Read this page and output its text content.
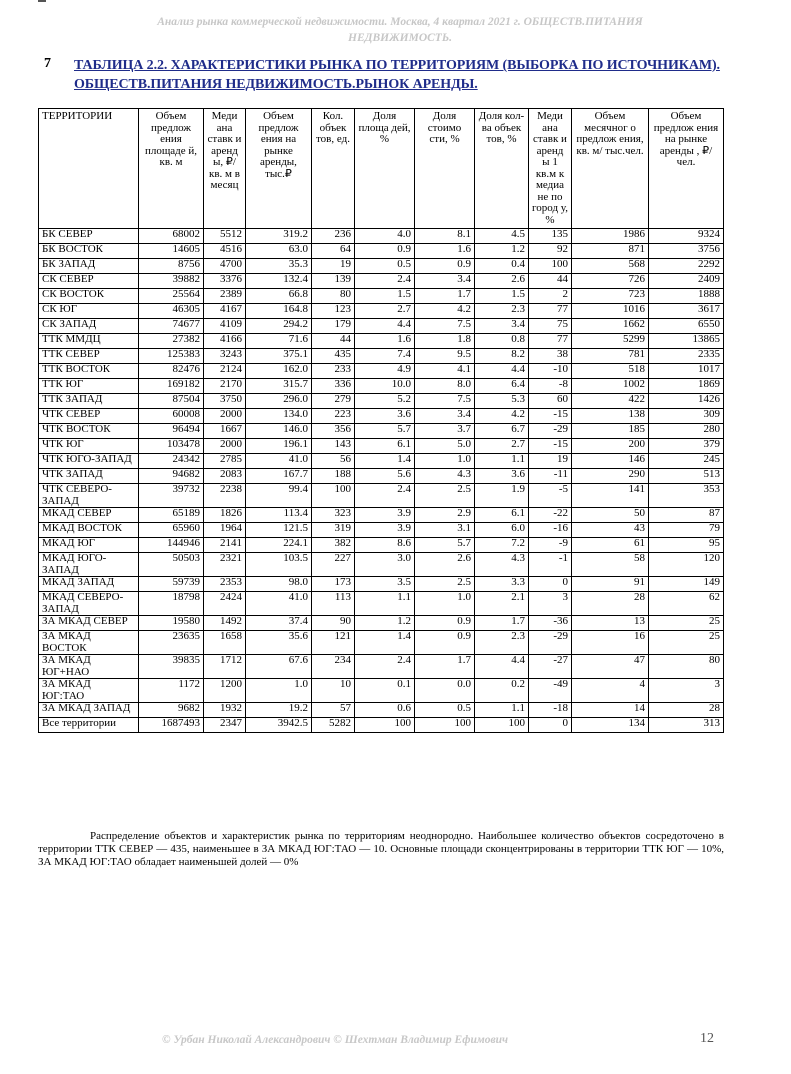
Анализ рынка коммерческой недвижимости. Москва, 4 квартал 2021 г. ОБЩЕСТВ.ПИТАНИЯ
НЕДВИЖИМОСТЬ.
7 ТАБЛИЦА 2.2. ХАРАКТЕРИСТИКИ РЫНКА ПО ТЕРРИТОРИЯМ (ВЫБОРКА ПО ИСТОЧНИКАМ). ОБЩЕСТВ.ПИТАНИЯ НЕДВИЖИМОСТЬ.РЫНОК АРЕНДЫ.
ТЕРРИТОРИИ	Объем предлож ения площаде й, кв. м	Меди ана ставк и аренд ы, ₽/кв. м в месяц	Объем предлож ения на рынке аренды, тыс.₽	Кол. объек тов, ед.	Доля площа дей, %	Доля стоимо сти, %	Доля кол-ва объек тов, %	Меди ана ставк и аренд ы 1 кв.м к медиа не по город у, %	Объем месячног о предлож ения, кв. м/ тыс.чел.	Объем предлож ения на рынке аренды , ₽/чел.
БК СЕВЕР	68002	5512	319.2	236	4.0	8.1	4.5	135	1986	9324
БК ВОСТОК	14605	4516	63.0	64	0.9	1.6	1.2	92	871	3756
БК ЗАПАД	8756	4700	35.3	19	0.5	0.9	0.4	100	568	2292
СК СЕВЕР	39882	3376	132.4	139	2.4	3.4	2.6	44	726	2409
СК ВОСТОК	25564	2389	66.8	80	1.5	1.7	1.5	2	723	1888
СК ЮГ	46305	4167	164.8	123	2.7	4.2	2.3	77	1016	3617
СК ЗАПАД	74677	4109	294.2	179	4.4	7.5	3.4	75	1662	6550
ТТК ММДЦ	27382	4166	71.6	44	1.6	1.8	0.8	77	5299	13865
ТТК СЕВЕР	125383	3243	375.1	435	7.4	9.5	8.2	38	781	2335
ТТК ВОСТОК	82476	2124	162.0	233	4.9	4.1	4.4	-10	518	1017
ТТК ЮГ	169182	2170	315.7	336	10.0	8.0	6.4	-8	1002	1869
ТТК ЗАПАД	87504	3750	296.0	279	5.2	7.5	5.3	60	422	1426
ЧТК СЕВЕР	60008	2000	134.0	223	3.6	3.4	4.2	-15	138	309
ЧТК ВОСТОК	96494	1667	146.0	356	5.7	3.7	6.7	-29	185	280
ЧТК ЮГ	103478	2000	196.1	143	6.1	5.0	2.7	-15	200	379
ЧТК ЮГО-ЗАПАД	24342	2785	41.0	56	1.4	1.0	1.1	19	146	245
ЧТК ЗАПАД	94682	2083	167.7	188	5.6	4.3	3.6	-11	290	513
ЧТК СЕВЕРО-ЗАПАД	39732	2238	99.4	100	2.4	2.5	1.9	-5	141	353
МКАД СЕВЕР	65189	1826	113.4	323	3.9	2.9	6.1	-22	50	87
МКАД ВОСТОК	65960	1964	121.5	319	3.9	3.1	6.0	-16	43	79
МКАД ЮГ	144946	2141	224.1	382	8.6	5.7	7.2	-9	61	95
МКАД ЮГО-ЗАПАД	50503	2321	103.5	227	3.0	2.6	4.3	-1	58	120
МКАД ЗАПАД	59739	2353	98.0	173	3.5	2.5	3.3	0	91	149
МКАД СЕВЕРО-ЗАПАД	18798	2424	41.0	113	1.1	1.0	2.1	3	28	62
ЗА МКАД СЕВЕР	19580	1492	37.4	90	1.2	0.9	1.7	-36	13	25
ЗА МКАД ВОСТОК	23635	1658	35.6	121	1.4	0.9	2.3	-29	16	25
ЗА МКАД ЮГ+НАО	39835	1712	67.6	234	2.4	1.7	4.4	-27	47	80
ЗА МКАД ЮГ:ТАО	1172	1200	1.0	10	0.1	0.0	0.2	-49	4	3
ЗА МКАД ЗАПАД	9682	1932	19.2	57	0.6	0.5	1.1	-18	14	28
Все территории	1687493	2347	3942.5	5282	100	100	100	0	134	313
Распределение объектов и характеристик рынка по территориям неоднородно. Наибольшее количество объектов сосредоточено в территории ТТК СЕВЕР — 435, наименьшее в ЗА МКАД ЮГ:ТАО — 10. Основные площади сконцентрированы в территории ТТК ЮГ — 10%, ЗА МКАД ЮГ:ТАО обладает наименьшей долей — 0%
© Урбан Николай Александрович © Шехтман Владимир Ефимович	12
